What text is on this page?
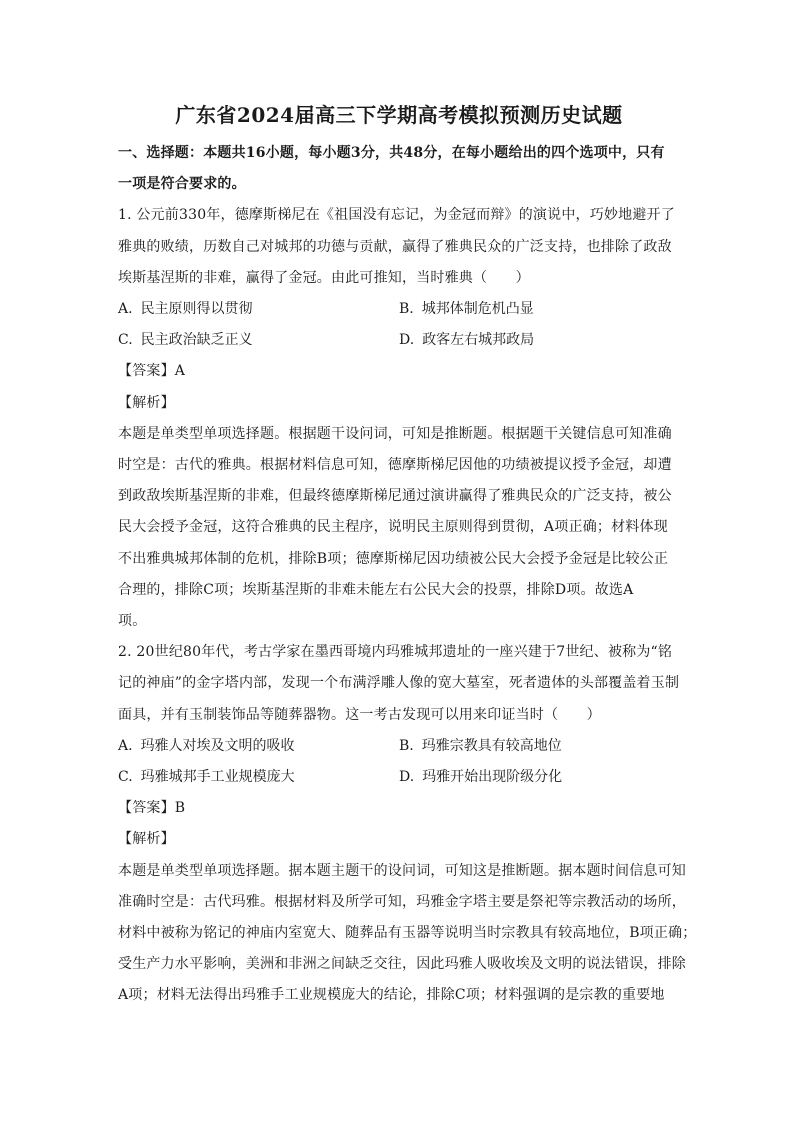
广东省2024届高三下学期高考模拟预测历史试题
一、选择题：本题共16小题，每小题3分，共48分，在每小题给出的四个选项中，只有
一项是符合要求的。
1. 公元前330年，德摩斯梯尼在《祖国没有忘记，为金冠而辩》的演说中，巧妙地避开了
雅典的败绩，历数自己对城邦的功德与贡献，赢得了雅典民众的广泛支持，也排除了政敌
埃斯基涅斯的非难，赢得了金冠。由此可推知，当时雅典（　　）
A. 民主原则得以贯彻	B. 城邦体制危机凸显
C. 民主政治缺乏正义	D. 政客左右城邦政局
【答案】A
【解析】
本题是单类型单项选择题。根据题干设问词，可知是推断题。根据题干关键信息可知准确
时空是：古代的雅典。根据材料信息可知，德摩斯梯尼因他的功绩被提议授予金冠，却遭
到政敌埃斯基涅斯的非难，但最终德摩斯梯尼通过演讲赢得了雅典民众的广泛支持，被公
民大会授予金冠，这符合雅典的民主程序，说明民主原则得到贯彻，A项正确；材料体现
不出雅典城邦体制的危机，排除B项；德摩斯梯尼因功绩被公民大会授予金冠是比较公正
合理的，排除C项；埃斯基涅斯的非难未能左右公民大会的投票，排除D项。故选A
项。
2. 20世纪80年代，考古学家在墨西哥境内玛雅城邦遗址的一座兴建于7世纪、被称为“铭
记的神庙”的金字塔内部，发现一个布满浮雕人像的宽大墓室，死者遗体的头部覆盖着玉制
面具，并有玉制装饰品等随葬器物。这一考古发现可以用来印证当时（　　）
A. 玛雅人对埃及文明的吸收	B. 玛雅宗教具有较高地位
C. 玛雅城邦手工业规模庞大	D. 玛雅开始出现阶级分化
【答案】B
【解析】
本题是单类型单项选择题。据本题主题干的设问词，可知这是推断题。据本题时间信息可知
准确时空是：古代玛雅。根据材料及所学可知，玛雅金字塔主要是祭祀等宗教活动的场所，
材料中被称为铭记的神庙内室宽大、随葬品有玉器等说明当时宗教具有较高地位，B项正确；
受生产力水平影响，美洲和非洲之间缺乏交往，因此玛雅人吸收埃及文明的说法错误，排除
A项；材料无法得出玛雅手工业规模庞大的结论，排除C项；材料强调的是宗教的重要地
